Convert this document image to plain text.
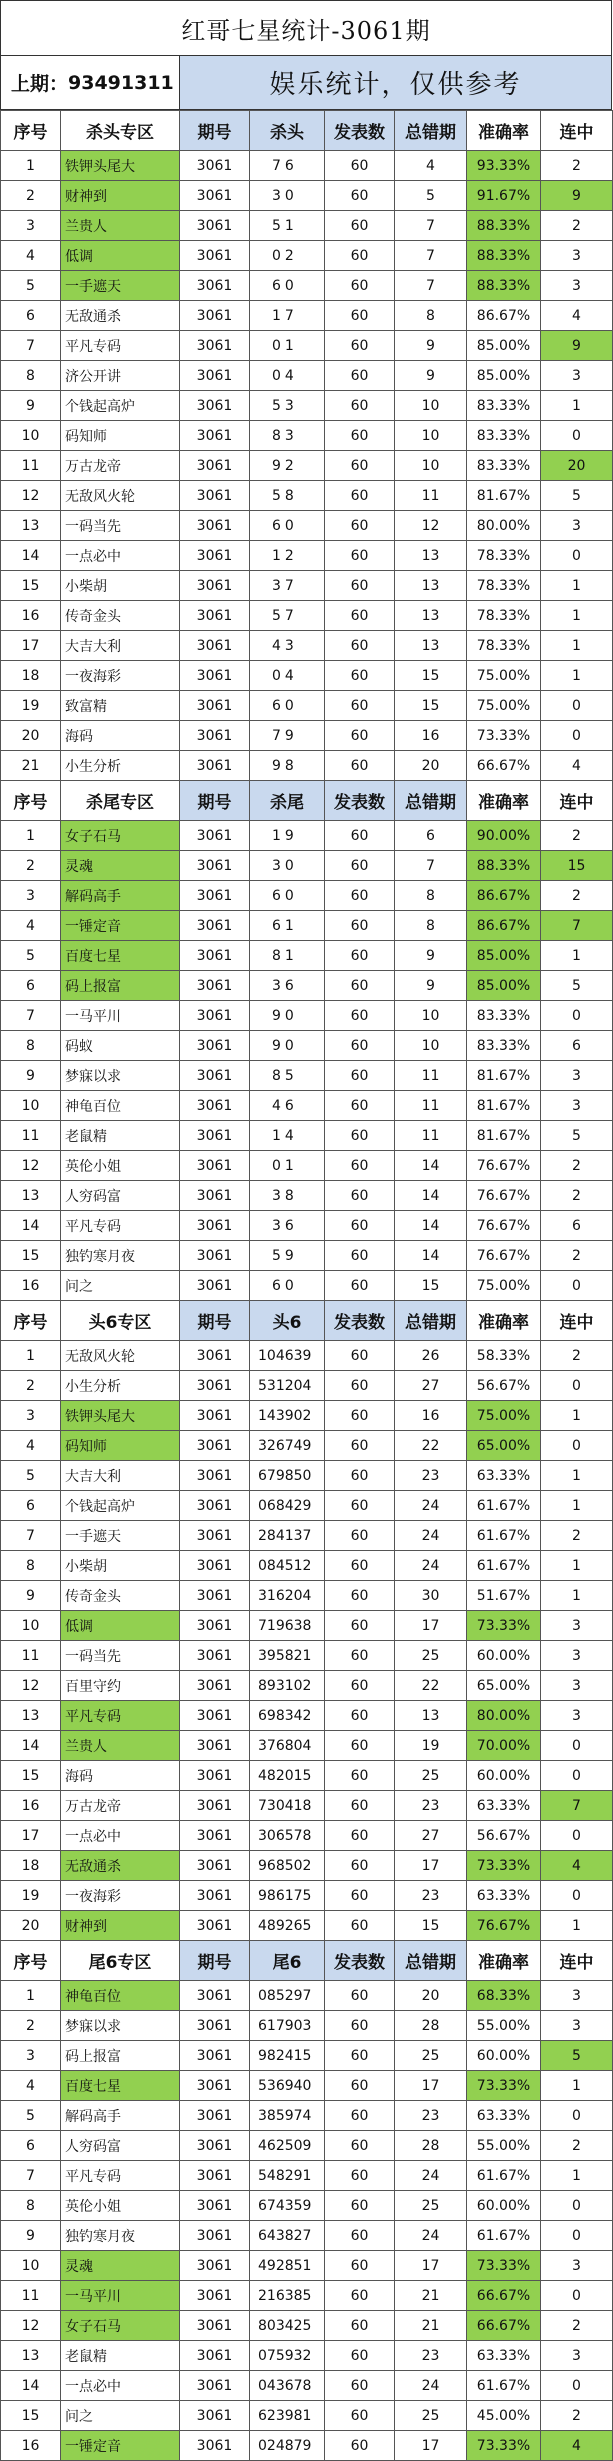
红哥七星统计-3061期
上期： 93491311	娱乐统计，仅供参考
序号	杀头专区	期号	杀头	发表数	总错期	准确率	连中
1	铁钾头尾大	3061	76	60	4	93.33%	2
2	财神到	3061	30	60	5	91.67%	9
3	兰贵人	3061	51	60	7	88.33%	2
4	低调	3061	02	60	7	88.33%	3
5	一手遮天	3061	60	60	7	88.33%	3
6	无敌通杀	3061	17	60	8	86.67%	4
7	平凡专码	3061	01	60	9	85.00%	9
8	济公开讲	3061	04	60	9	85.00%	3
9	个钱起高炉	3061	53	60	10	83.33%	1
10	码知师	3061	83	60	10	83.33%	0
11	万古龙帝	3061	92	60	10	83.33%	20
12	无敌风火轮	3061	58	60	11	81.67%	5
13	一码当先	3061	60	60	12	80.00%	3
14	一点必中	3061	12	60	13	78.33%	0
15	小柴胡	3061	37	60	13	78.33%	1
16	传奇金头	3061	57	60	13	78.33%	1
17	大吉大利	3061	43	60	13	78.33%	1
18	一夜海彩	3061	04	60	15	75.00%	1
19	致富精	3061	60	60	15	75.00%	0
20	海码	3061	79	60	16	73.33%	0
21	小生分析	3061	98	60	20	66.67%	4
序号	杀尾专区	期号	杀尾	发表数	总错期	准确率	连中
1	女子石马	3061	19	60	6	90.00%	2
2	灵魂	3061	30	60	7	88.33%	15
3	解码高手	3061	60	60	8	86.67%	2
4	一锤定音	3061	61	60	8	86.67%	7
5	百度七星	3061	81	60	9	85.00%	1
6	码上报富	3061	36	60	9	85.00%	5
7	一马平川	3061	90	60	10	83.33%	0
8	码蚁	3061	90	60	10	83.33%	6
9	梦寐以求	3061	85	60	11	81.67%	3
10	神龟百位	3061	46	60	11	81.67%	3
11	老鼠精	3061	14	60	11	81.67%	5
12	英伦小姐	3061	01	60	14	76.67%	2
13	人穷码富	3061	38	60	14	76.67%	2
14	平凡专码	3061	36	60	14	76.67%	6
15	独钓寒月夜	3061	59	60	14	76.67%	2
16	问之	3061	60	60	15	75.00%	0
序号	头6专区	期号	头6	发表数	总错期	准确率	连中
1	无敌风火轮	3061	104639	60	26	58.33%	2
2	小生分析	3061	531204	60	27	56.67%	0
3	铁钾头尾大	3061	143902	60	16	75.00%	1
4	码知师	3061	326749	60	22	65.00%	0
5	大吉大利	3061	679850	60	23	63.33%	1
6	个钱起高炉	3061	068429	60	24	61.67%	1
7	一手遮天	3061	284137	60	24	61.67%	2
8	小柴胡	3061	084512	60	24	61.67%	1
9	传奇金头	3061	316204	60	30	51.67%	1
10	低调	3061	719638	60	17	73.33%	3
11	一码当先	3061	395821	60	25	60.00%	3
12	百里守约	3061	893102	60	22	65.00%	3
13	平凡专码	3061	698342	60	13	80.00%	3
14	兰贵人	3061	376804	60	19	70.00%	0
15	海码	3061	482015	60	25	60.00%	0
16	万古龙帝	3061	730418	60	23	63.33%	7
17	一点必中	3061	306578	60	27	56.67%	0
18	无敌通杀	3061	968502	60	17	73.33%	4
19	一夜海彩	3061	986175	60	23	63.33%	0
20	财神到	3061	489265	60	15	76.67%	1
序号	尾6专区	期号	尾6	发表数	总错期	准确率	连中
1	神龟百位	3061	085297	60	20	68.33%	3
2	梦寐以求	3061	617903	60	28	55.00%	3
3	码上报富	3061	982415	60	25	60.00%	5
4	百度七星	3061	536940	60	17	73.33%	1
5	解码高手	3061	385974	60	23	63.33%	0
6	人穷码富	3061	462509	60	28	55.00%	2
7	平凡专码	3061	548291	60	24	61.67%	1
8	英伦小姐	3061	674359	60	25	60.00%	0
9	独钓寒月夜	3061	643827	60	24	61.67%	0
10	灵魂	3061	492851	60	17	73.33%	3
11	一马平川	3061	216385	60	21	66.67%	0
12	女子石马	3061	803425	60	21	66.67%	2
13	老鼠精	3061	075932	60	23	63.33%	3
14	一点必中	3061	043678	60	24	61.67%	0
15	问之	3061	623981	60	25	45.00%	2
16	一锤定音	3061	024879	60	17	73.33%	4
